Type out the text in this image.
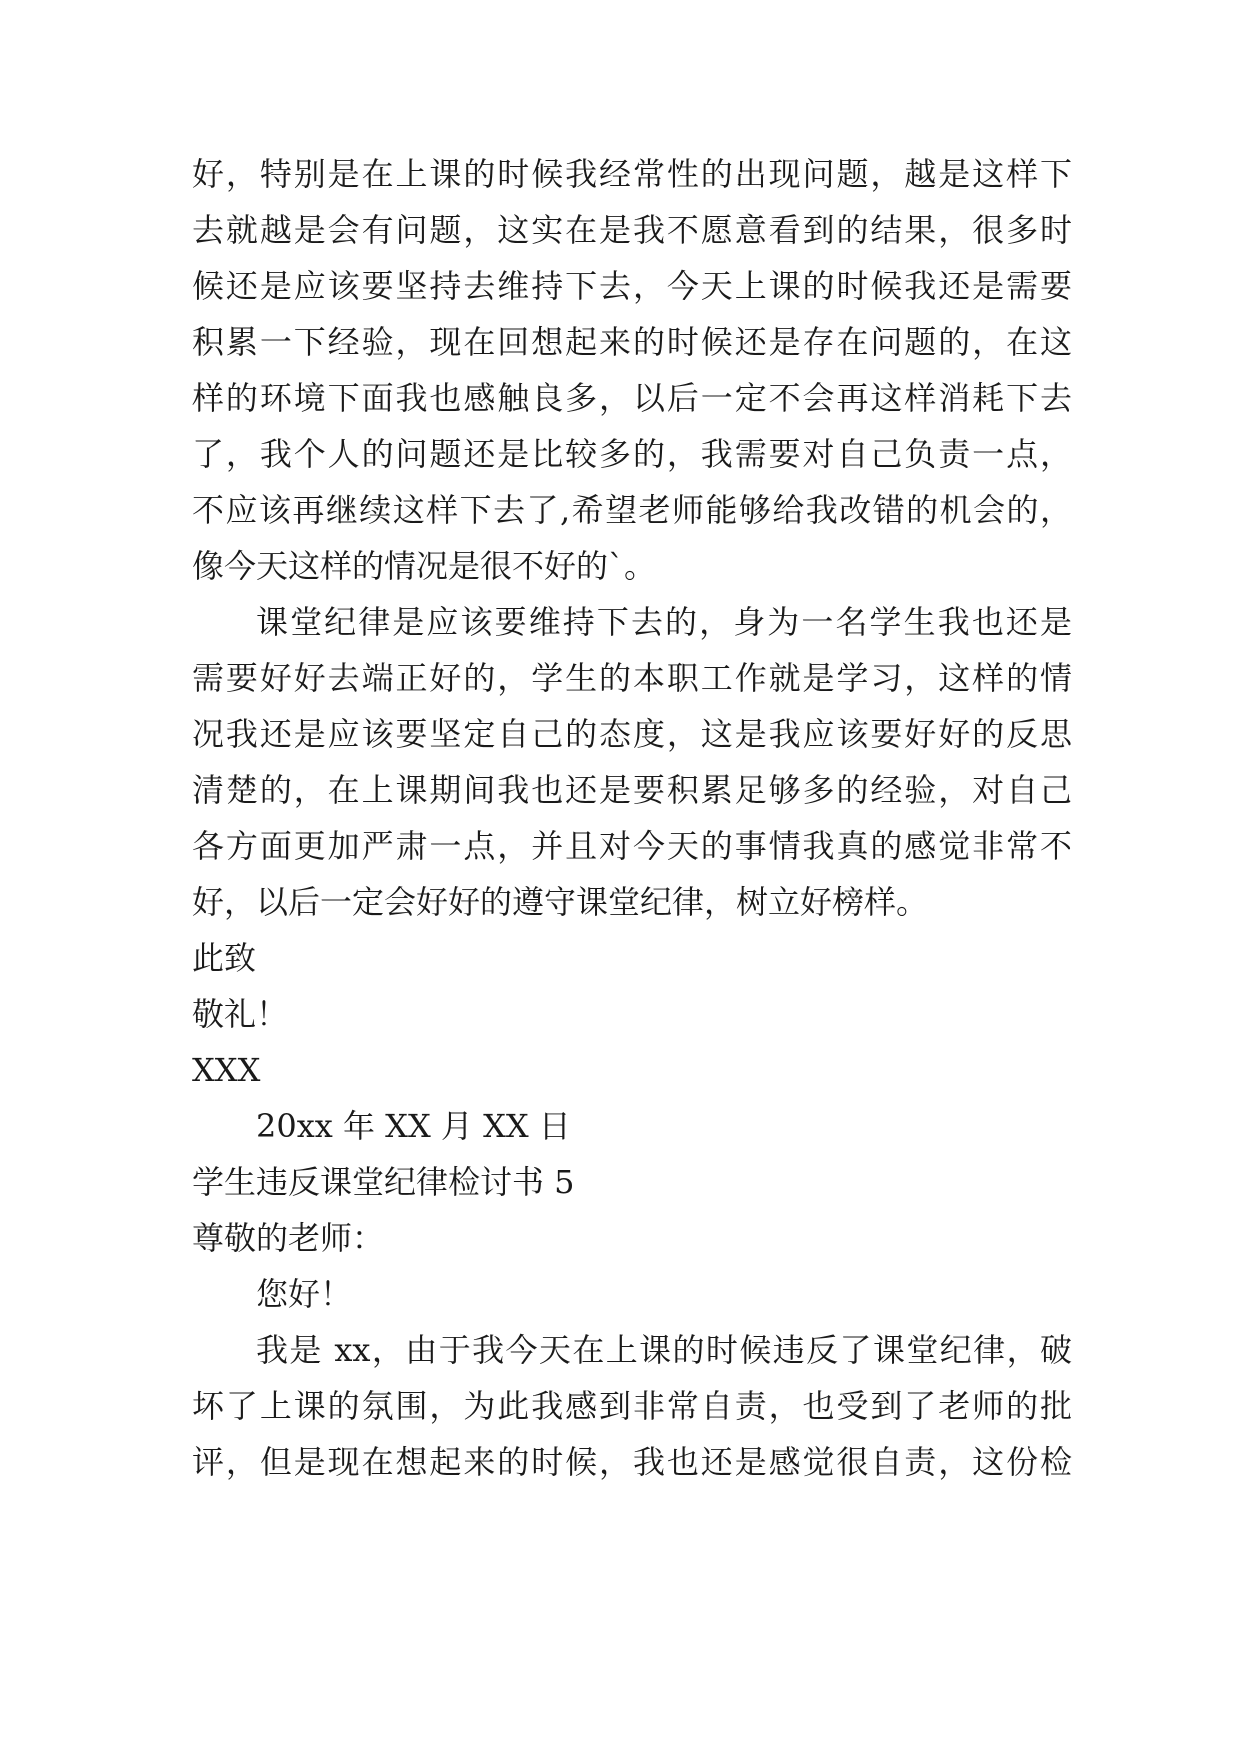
好，特别是在上课的时候我经常性的出现问题，越是这样下
去就越是会有问题，这实在是我不愿意看到的结果，很多时
候还是应该要坚持去维持下去，今天上课的时候我还是需要
积累一下经验，现在回想起来的时候还是存在问题的，在这
样的环境下面我也感触良多，以后一定不会再这样消耗下去
了，我个人的问题还是比较多的，我需要对自己负责一点，
不应该再继续这样下去了,希望老师能够给我改错的机会的，
像今天这样的情况是很不好的`。
课堂纪律是应该要维持下去的，身为一名学生我也还是
需要好好去端正好的，学生的本职工作就是学习，这样的情
况我还是应该要坚定自己的态度，这是我应该要好好的反思
清楚的，在上课期间我也还是要积累足够多的经验，对自己
各方面更加严肃一点，并且对今天的事情我真的感觉非常不
好，以后一定会好好的遵守课堂纪律，树立好榜样。
此致
敬礼！
XXX
20xx 年 XX 月 XX 日
学生违反课堂纪律检讨书 5
尊敬的老师：
您好！
我是 xx，由于我今天在上课的时候违反了课堂纪律，破
坏了上课的氛围，为此我感到非常自责，也受到了老师的批
评，但是现在想起来的时候，我也还是感觉很自责，这份检
